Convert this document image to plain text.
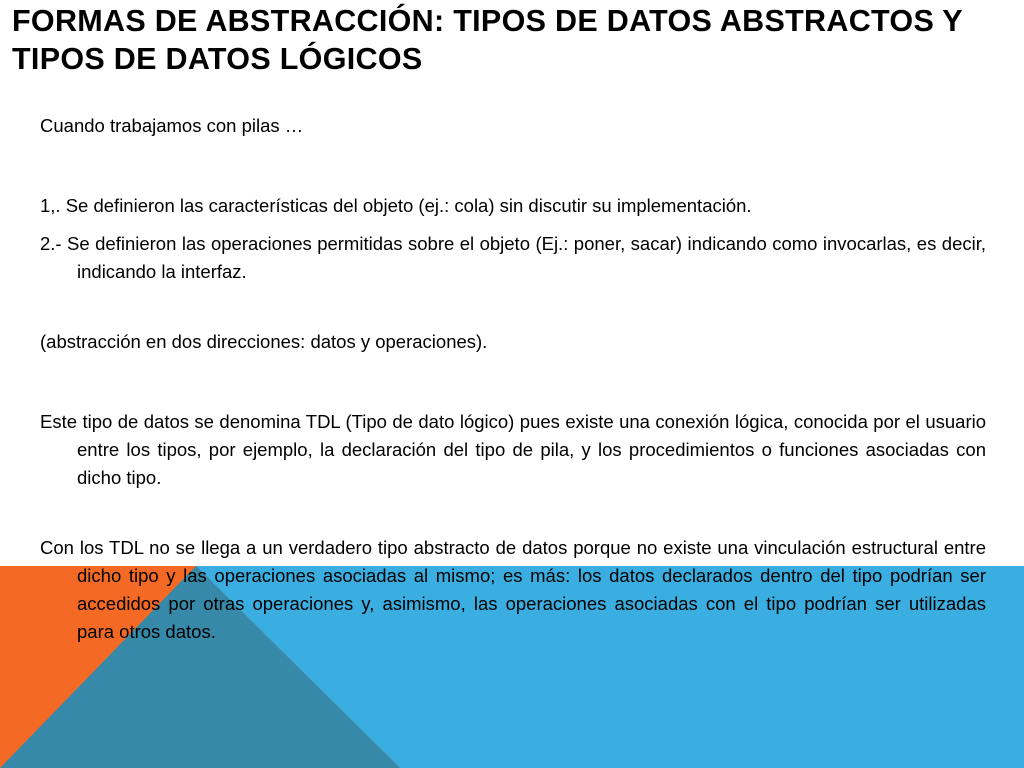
FORMAS DE ABSTRACCIÓN: TIPOS DE DATOS ABSTRACTOS Y TIPOS DE DATOS LÓGICOS

Cuando trabajamos con pilas …

1,. Se definieron las características del objeto (ej.: cola) sin discutir su implementación.

2.- Se definieron las operaciones permitidas sobre el objeto (Ej.: poner, sacar) indicando como invocarlas, es decir, indicando la interfaz.

(abstracción en dos direcciones: datos y operaciones).

Este tipo de datos se denomina TDL (Tipo de dato lógico) pues existe una conexión lógica, conocida por el usuario entre los tipos, por ejemplo, la declaración del tipo de pila, y los procedimientos o funciones asociadas con dicho tipo.

Con los TDL no se llega a un verdadero tipo abstracto de datos porque no existe una vinculación estructural entre dicho tipo y las operaciones asociadas al mismo; es más: los datos declarados dentro del tipo podrían ser accedidos por otras operaciones y, asimismo, las operaciones asociadas con el tipo podrían ser utilizadas para otros datos.
